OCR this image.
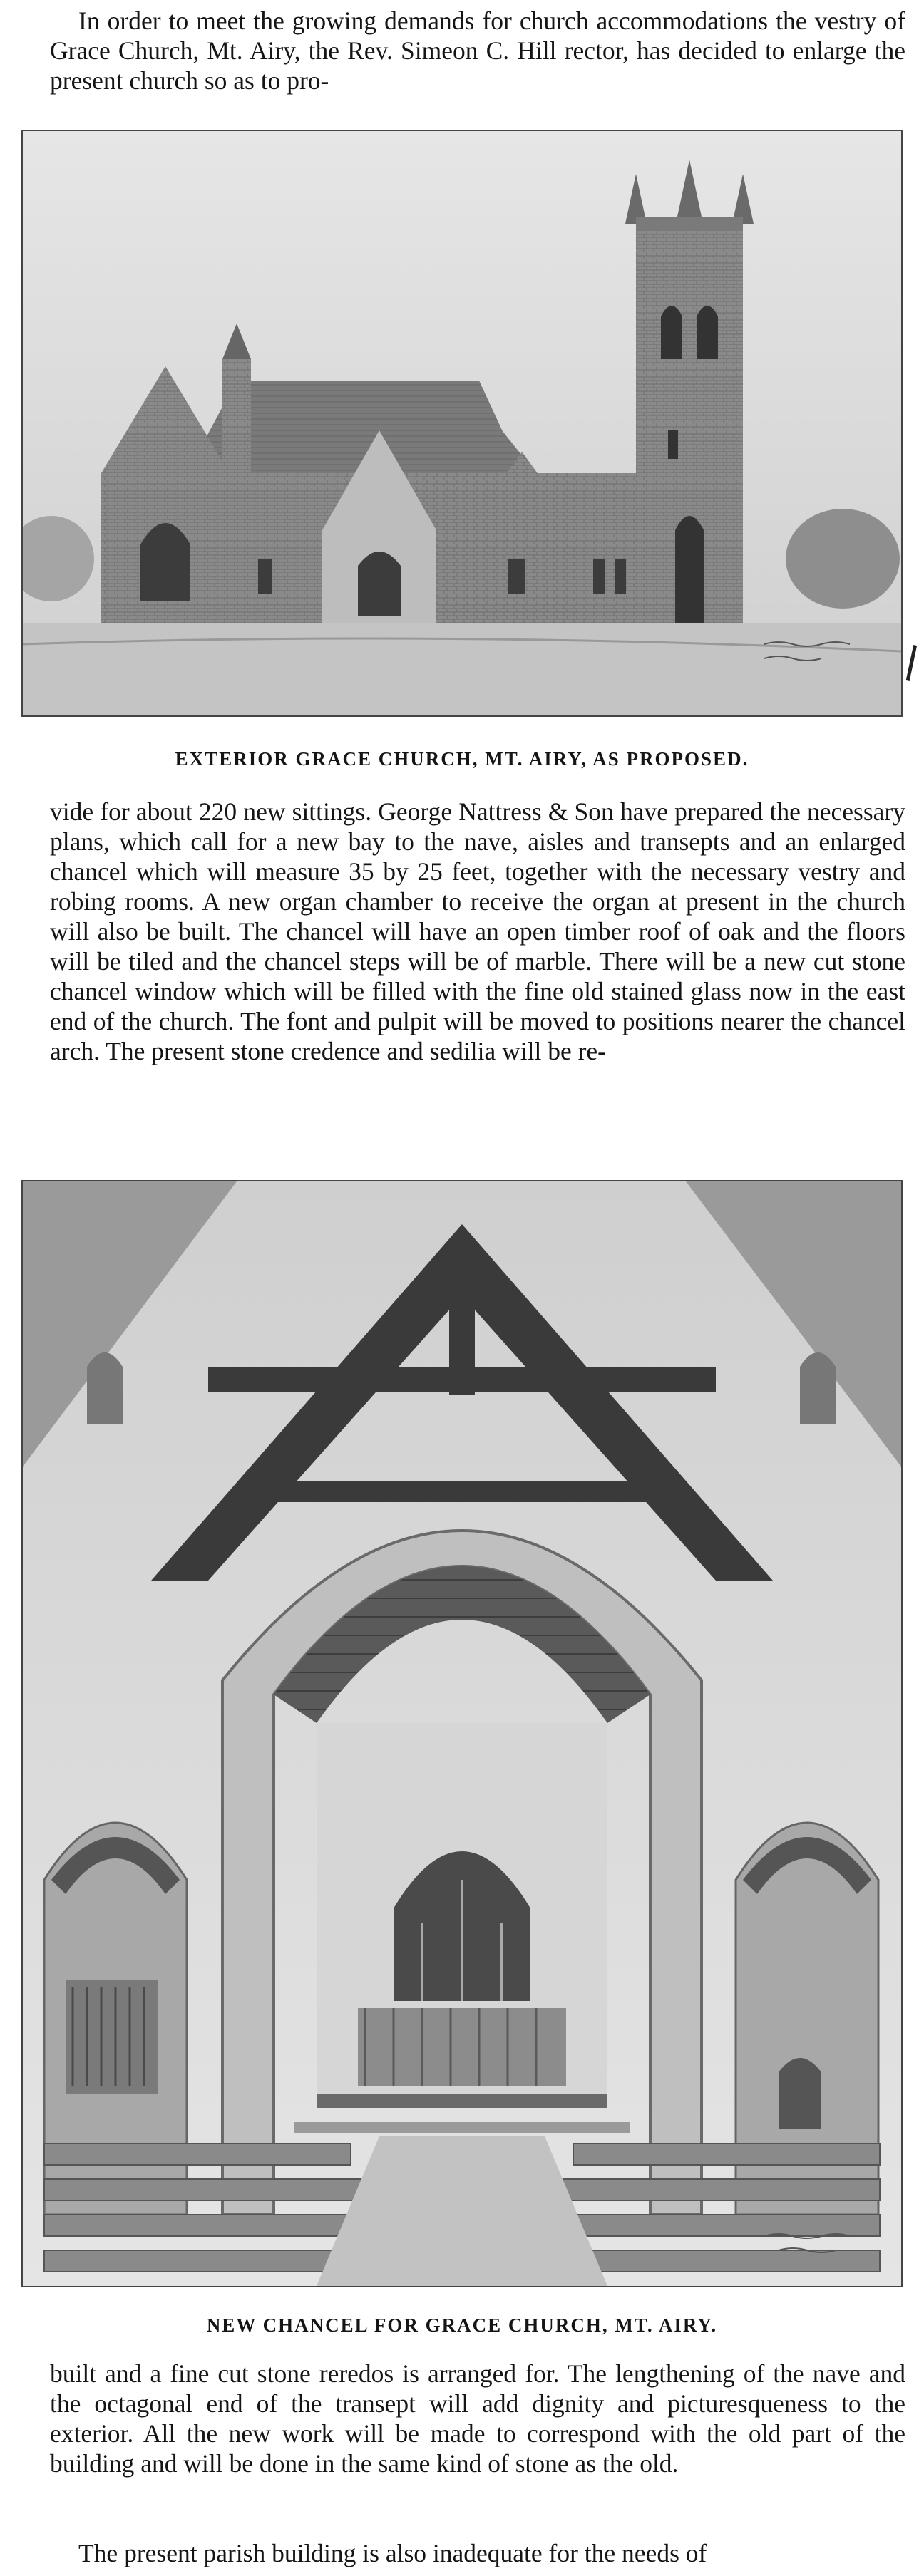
In order to meet the growing demands for church accommodations the vestry of Grace Church, Mt. Airy, the Rev. Simeon C. Hill rector, has decided to enlarge the present church so as to pro-

EXTERIOR GRACE CHURCH, MT. AIRY, AS PROPOSED.

vide for about 220 new sittings. George Nattress & Son have prepared the necessary plans, which call for a new bay to the nave, aisles and transepts and an enlarged chancel which will measure 35 by 25 feet, together with the necessary vestry and robing rooms. A new organ chamber to receive the organ at present in the church will also be built. The chancel will have an open timber roof of oak and the floors will be tiled and the chancel steps will be of marble. There will be a new cut stone chancel window which will be filled with the fine old stained glass now in the east end of the church. The font and pulpit will be moved to positions nearer the chancel arch. The present stone credence and sedilia will be re-

NEW CHANCEL FOR GRACE CHURCH, MT. AIRY.

built and a fine cut stone reredos is arranged for. The lengthening of the nave and the octagonal end of the transept will add dignity and picturesqueness to the exterior. All the new work will be made to correspond with the old part of the building and will be done in the same kind of stone as the old.

The present parish building is also inadequate for the needs of
